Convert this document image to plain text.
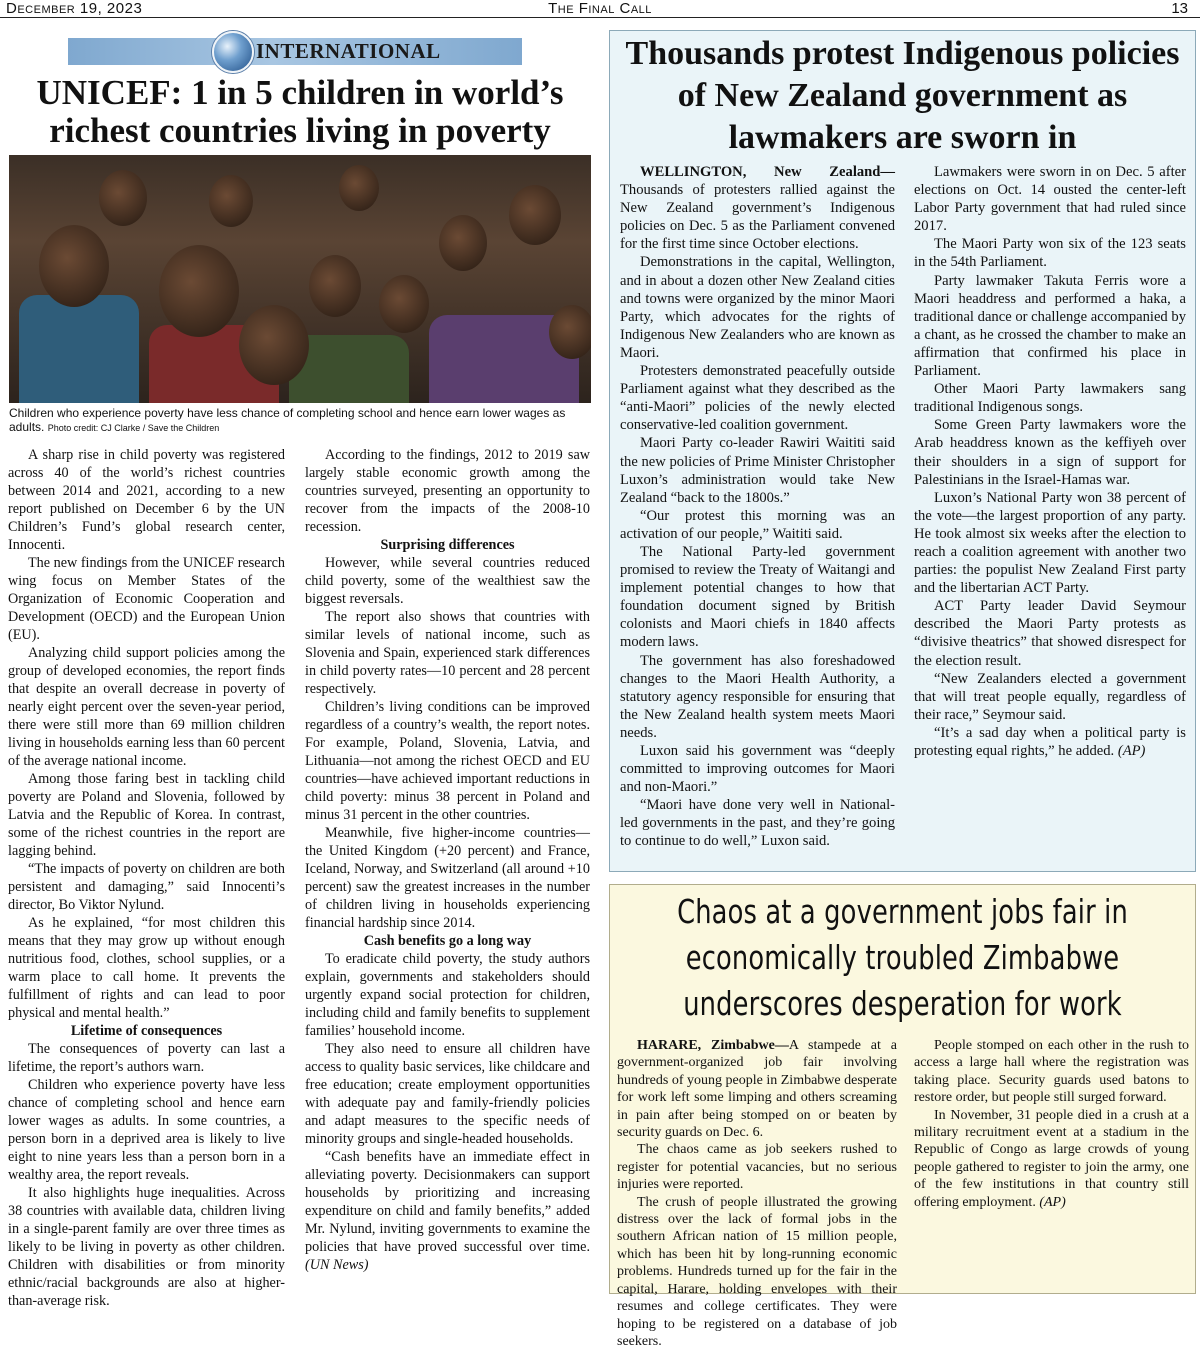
December 19, 2023	The Final Call	13
INTERNATIONAL
UNICEF: 1 in 5 children in world’s richest countries living in poverty
Children who experience poverty have less chance of completing school and hence earn lower wages as adults. Photo credit: CJ Clarke / Save the Children

A sharp rise in child poverty was registered across 40 of the world’s richest countries between 2014 and 2021, according to a new report published on December 6 by the UN Children’s Fund’s global research center, Innocenti.

The new findings from the UNICEF research wing focus on Member States of the Organization of Economic Cooperation and Development (OECD) and the European Union (EU).

Analyzing child support policies among the group of developed economies, the report finds that despite an overall decrease in poverty of nearly eight percent over the seven-year period, there were still more than 69 million children living in households earning less than 60 percent of the average national income.

Among those faring best in tackling child poverty are Poland and Slovenia, followed by Latvia and the Republic of Korea. In contrast, some of the richest countries in the report are lagging behind.

“The impacts of poverty on children are both persistent and damaging,” said Innocenti’s director, Bo Viktor Nylund.

As he explained, “for most children this means that they may grow up without enough nutritious food, clothes, school supplies, or a warm place to call home. It prevents the fulfillment of rights and can lead to poor physical and mental health.”

Lifetime of consequences

The consequences of poverty can last a lifetime, the report’s authors warn.

Children who experience poverty have less chance of completing school and hence earn lower wages as adults. In some countries, a person born in a deprived area is likely to live eight to nine years less than a person born in a wealthy area, the report reveals.

It also highlights huge inequalities. Across 38 countries with available data, children living in a single-parent family are over three times as likely to be living in poverty as other children. Children with disabilities or from minority ethnic/racial backgrounds are also at higher-than-average risk.

According to the findings, 2012 to 2019 saw largely stable economic growth among the countries surveyed, presenting an opportunity to recover from the impacts of the 2008-10 recession.

Surprising differences

However, while several countries reduced child poverty, some of the wealthiest saw the biggest reversals.

The report also shows that countries with similar levels of national income, such as Slovenia and Spain, experienced stark differences in child poverty rates—10 percent and 28 percent respectively.

Children’s living conditions can be improved regardless of a country’s wealth, the report notes. For example, Poland, Slovenia, Latvia, and Lithuania—not among the richest OECD and EU countries—have achieved important reductions in child poverty: minus 38 percent in Poland and minus 31 percent in the other countries.

Meanwhile, five higher-income countries—the United Kingdom (+20 percent) and France, Iceland, Norway, and Switzerland (all around +10 percent) saw the greatest increases in the number of children living in households experiencing financial hardship since 2014.

Cash benefits go a long way

To eradicate child poverty, the study authors explain, governments and stakeholders should urgently expand social protection for children, including child and family benefits to supplement families’ household income.

They also need to ensure all children have access to quality basic services, like childcare and free education; create employment opportunities with adequate pay and family-friendly policies and adapt measures to the specific needs of minority groups and single-headed households.

“Cash benefits have an immediate effect in alleviating poverty. Decisionmakers can support households by prioritizing and increasing expenditure on child and family benefits,” added Mr. Nylund, inviting governments to examine the policies that have proved successful over time. (UN News)

Thousands protest Indigenous policies of New Zealand government as lawmakers are sworn in

WELLINGTON, New Zealand— Thousands of protesters rallied against the New Zealand government’s Indigenous policies on Dec. 5 as the Parliament convened for the first time since October elections.

Demonstrations in the capital, Wellington, and in about a dozen other New Zealand cities and towns were organized by the minor Maori Party, which advocates for the rights of Indigenous New Zealanders who are known as Maori.

Protesters demonstrated peacefully outside Parliament against what they described as the “anti-Maori” policies of the newly elected conservative-led coalition government.

Maori Party co-leader Rawiri Waititi said the new policies of Prime Minister Christopher Luxon’s administration would take New Zealand “back to the 1800s.”

“Our protest this morning was an activation of our people,” Waititi said.

The National Party-led government promised to review the Treaty of Waitangi and implement potential changes to how that foundation document signed by British colonists and Maori chiefs in 1840 affects modern laws.

The government has also foreshadowed changes to the Maori Health Authority, a statutory agency responsible for ensuring that the New Zealand health system meets Maori needs.

Luxon said his government was “deeply committed to improving outcomes for Maori and non-Maori.”

“Maori have done very well in National-led governments in the past, and they’re going to continue to do well,” Luxon said.

Lawmakers were sworn in on Dec. 5 after elections on Oct. 14 ousted the center-left Labor Party government that had ruled since 2017.

The Maori Party won six of the 123 seats in the 54th Parliament.

Party lawmaker Takuta Ferris wore a Maori headdress and performed a haka, a traditional dance or challenge accompanied by a chant, as he crossed the chamber to make an affirmation that confirmed his place in Parliament.

Other Maori Party lawmakers sang traditional Indigenous songs.

Some Green Party lawmakers wore the Arab headdress known as the keffiyeh over their shoulders in a sign of support for Palestinians in the Israel-Hamas war.

Luxon’s National Party won 38 percent of the vote—the largest proportion of any party. He took almost six weeks after the election to reach a coalition agreement with another two parties: the populist New Zealand First party and the libertarian ACT Party.

ACT Party leader David Seymour described the Maori Party protests as “divisive theatrics” that showed disrespect for the election result.

“New Zealanders elected a government that will treat people equally, regardless of their race,” Seymour said.

“It’s a sad day when a political party is protesting equal rights,” he added. (AP)

Chaos at a government jobs fair in economically troubled Zimbabwe underscores desperation for work

HARARE, Zimbabwe—A stampede at a government-organized job fair involving hundreds of young people in Zimbabwe desperate for work left some limping and others screaming in pain after being stomped on or beaten by security guards on Dec. 6.

The chaos came as job seekers rushed to register for potential vacancies, but no serious injuries were reported.

The crush of people illustrated the growing distress over the lack of formal jobs in the southern African nation of 15 million people, which has been hit by long-running economic problems. Hundreds turned up for the fair in the capital, Harare, holding envelopes with their resumes and college certificates. They were hoping to be registered on a database of job seekers.

People stomped on each other in the rush to access a large hall where the registration was taking place. Security guards used batons to restore order, but people still surged forward.

In November, 31 people died in a crush at a military recruitment event at a stadium in the Republic of Congo as large crowds of young people gathered to register to join the army, one of the few institutions in that country still offering employment. (AP)
